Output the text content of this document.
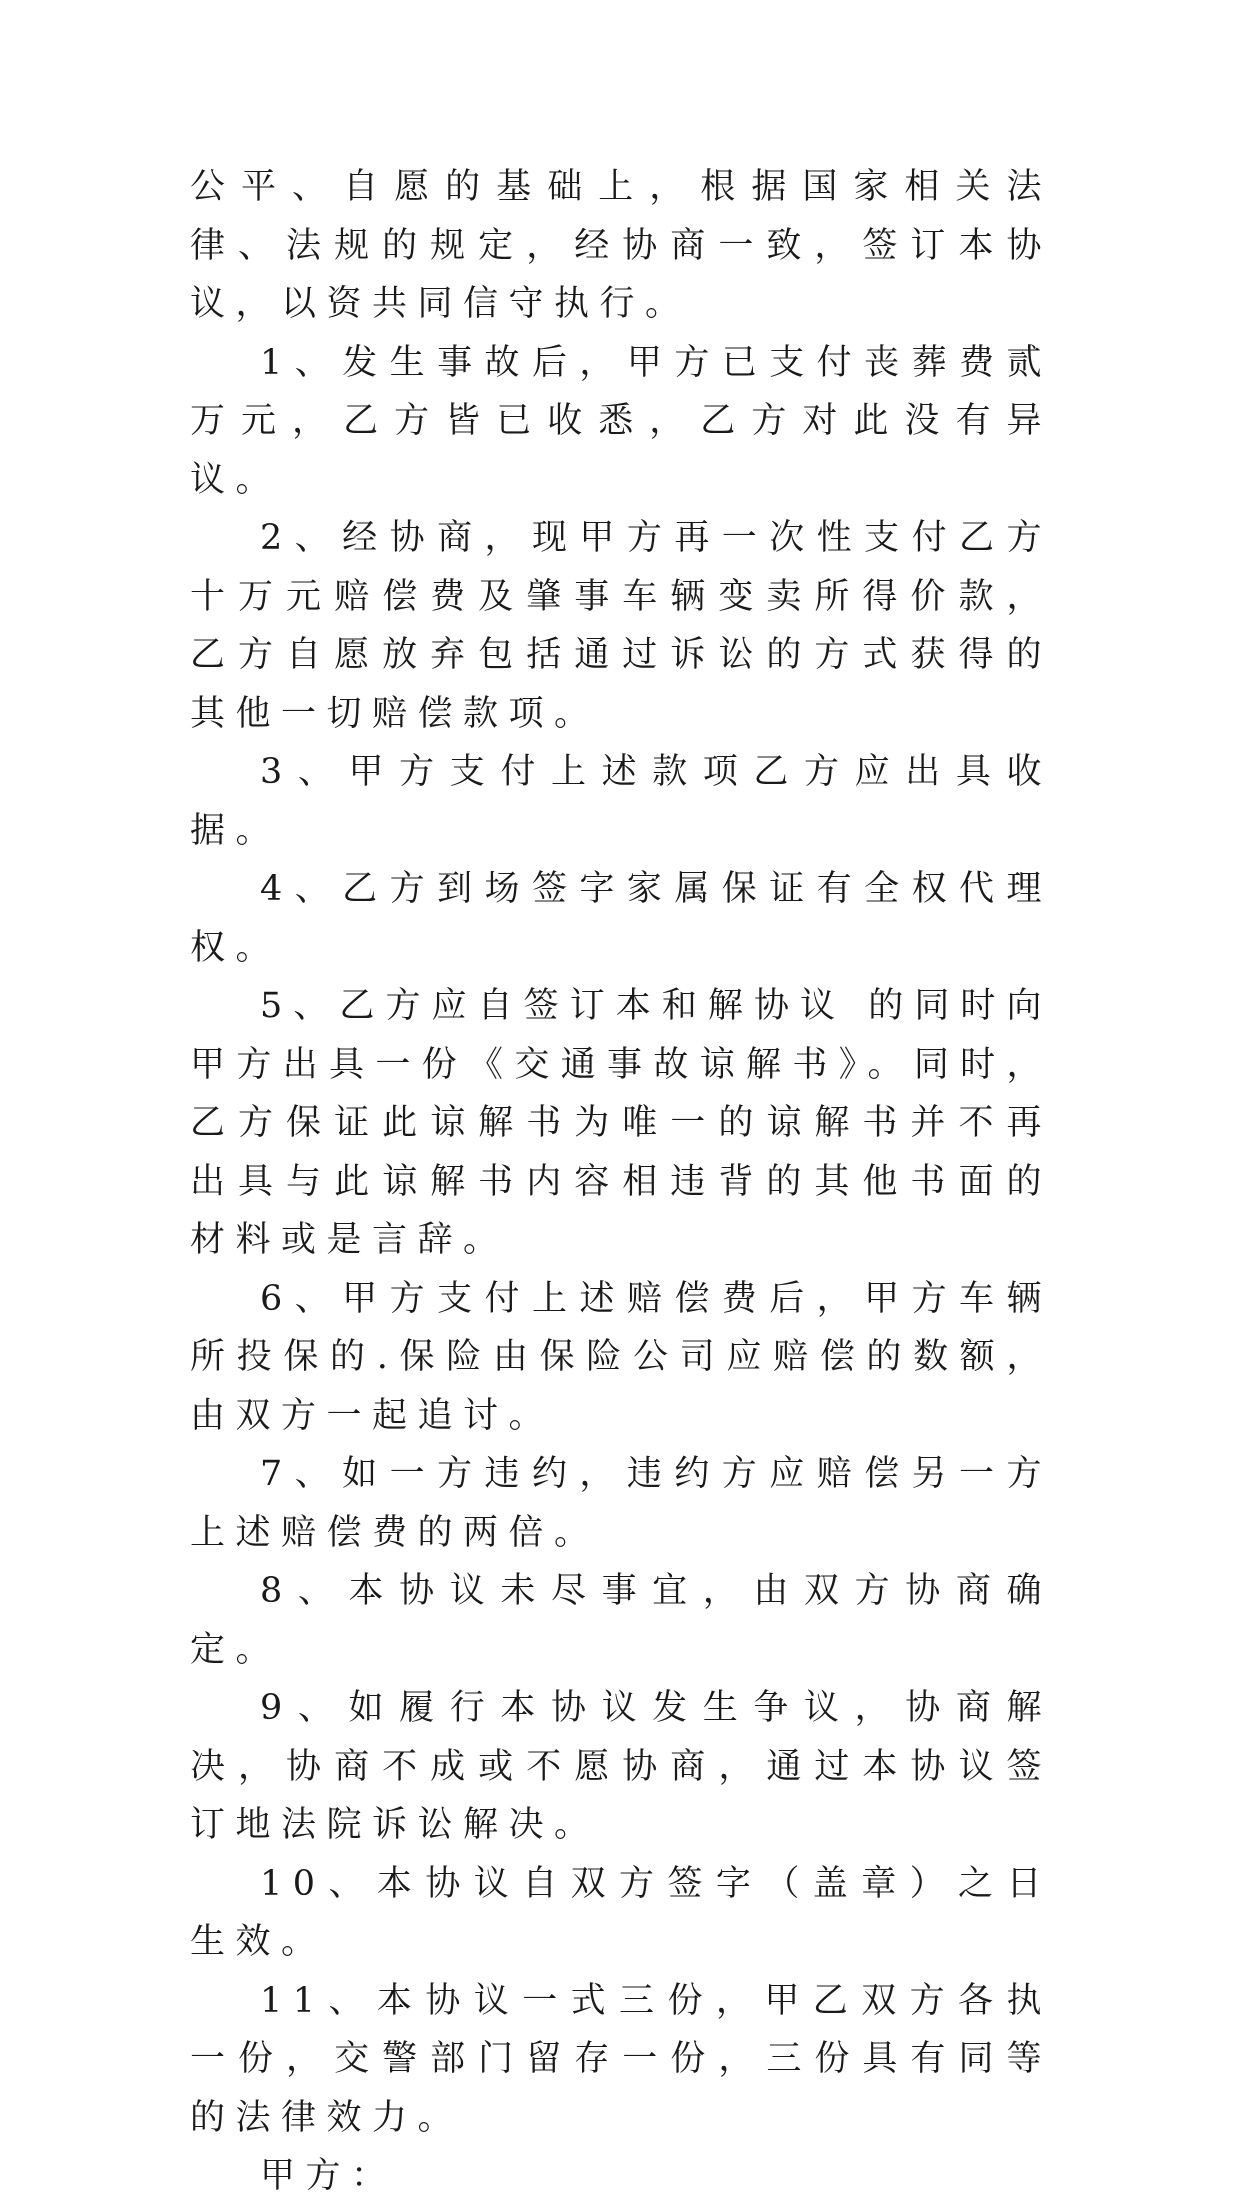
公平、自愿的基础上，根据国家相关法律、法规的规定，经协商一致，签订本协议，以资共同信守执行。

1、发生事故后，甲方已支付丧葬费贰万元，乙方皆已收悉，乙方对此没有异议。

2、经协商，现甲方再一次性支付乙方十万元赔偿费及肇事车辆变卖所得价款，乙方自愿放弃包括通过诉讼的方式获得的其他一切赔偿款项。

3、甲方支付上述款项乙方应出具收据。

4、乙方到场签字家属保证有全权代理权。

5、乙方应自签订本和解协议 的同时向甲方出具一份《交通事故谅解书》。同时，乙方保证此谅解书为唯一的谅解书并不再出具与此谅解书内容相违背的其他书面的材料或是言辞。

6、甲方支付上述赔偿费后，甲方车辆所投保的.保险由保险公司应赔偿的数额，由双方一起追讨。

7、如一方违约，违约方应赔偿另一方上述赔偿费的两倍。

8、本协议未尽事宜，由双方协商确定。

9、如履行本协议发生争议，协商解决，协商不成或不愿协商，通过本协议签订地法院诉讼解决。

10、本协议自双方签字（盖章）之日生效。

11、本协议一式三份，甲乙双方各执一份，交警部门留存一份，三份具有同等的法律效力。

甲方：
